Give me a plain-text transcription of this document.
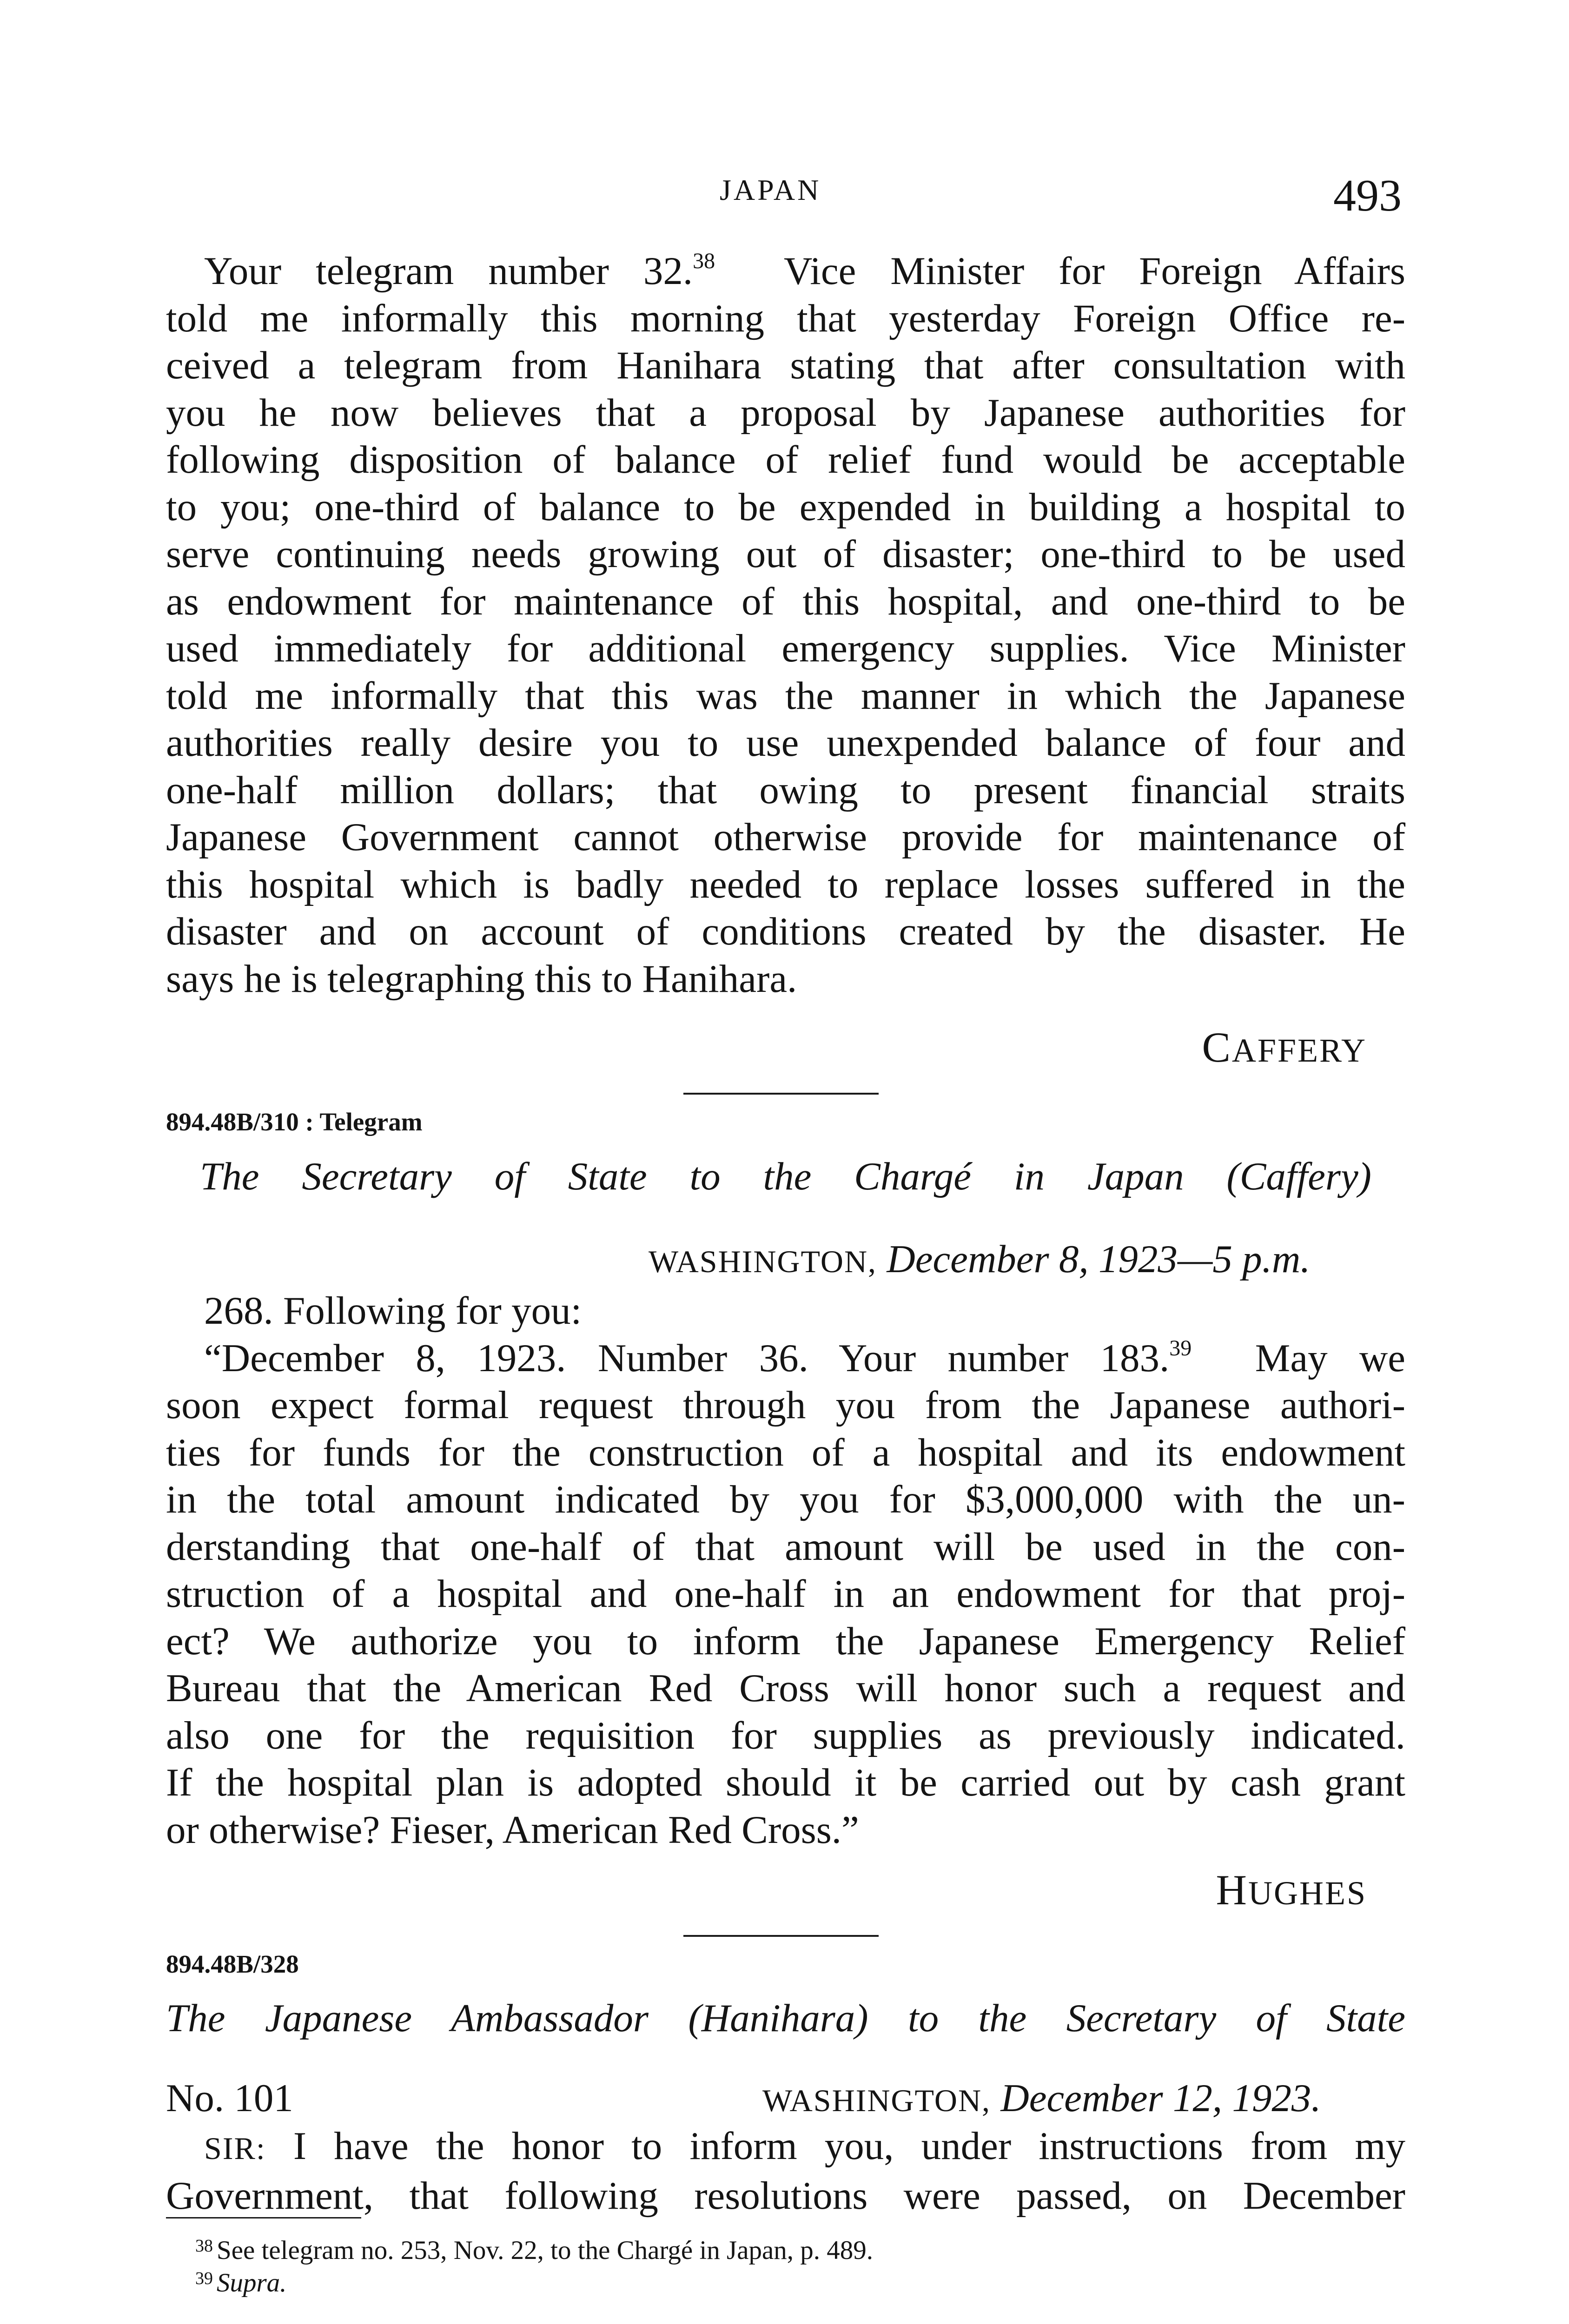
JAPAN	493
Your telegram number 32.38 Vice Minister for Foreign Affairs
told me informally this morning that yesterday Foreign Office re-
ceived a telegram from Hanihara stating that after consultation with
you he now believes that a proposal by Japanese authorities for
following disposition of balance of relief fund would be acceptable
to you; one-third of balance to be expended in building a hospital to
serve continuing needs growing out of disaster; one-third to be used
as endowment for maintenance of this hospital, and one-third to be
used immediately for additional emergency supplies. Vice Minister
told me informally that this was the manner in which the Japanese
authorities really desire you to use unexpended balance of four and
one-half million dollars; that owing to present financial straits
Japanese Government cannot otherwise provide for maintenance of
this hospital which is badly needed to replace losses suffered in the
disaster and on account of conditions created by the disaster. He
says he is telegraphing this to Hanihara.
CAFFERY
894.48B/310 : Telegram
The Secretary of State to the Chargé in Japan (Caffery)
WASHINGTON, December 8, 1923—5 p.m.
268. Following for you:
“December 8, 1923. Number 36. Your number 183.39 May we
soon expect formal request through you from the Japanese authori-
ties for funds for the construction of a hospital and its endowment
in the total amount indicated by you for $3,000,000 with the un-
derstanding that one-half of that amount will be used in the con-
struction of a hospital and one-half in an endowment for that proj-
ect? We authorize you to inform the Japanese Emergency Relief
Bureau that the American Red Cross will honor such a request and
also one for the requisition for supplies as previously indicated.
If the hospital plan is adopted should it be carried out by cash grant
or otherwise? Fieser, American Red Cross.”
HUGHES
894.48B/328
The Japanese Ambassador (Hanihara) to the Secretary of State
No. 101	WASHINGTON, December 12, 1923.
SIR: I have the honor to inform you, under instructions from my
Government, that following resolutions were passed, on December
$^{38}$ See telegram no. 253, Nov. 22, to the Chargé in Japan, p. 489.
$^{39}$ Supra.
